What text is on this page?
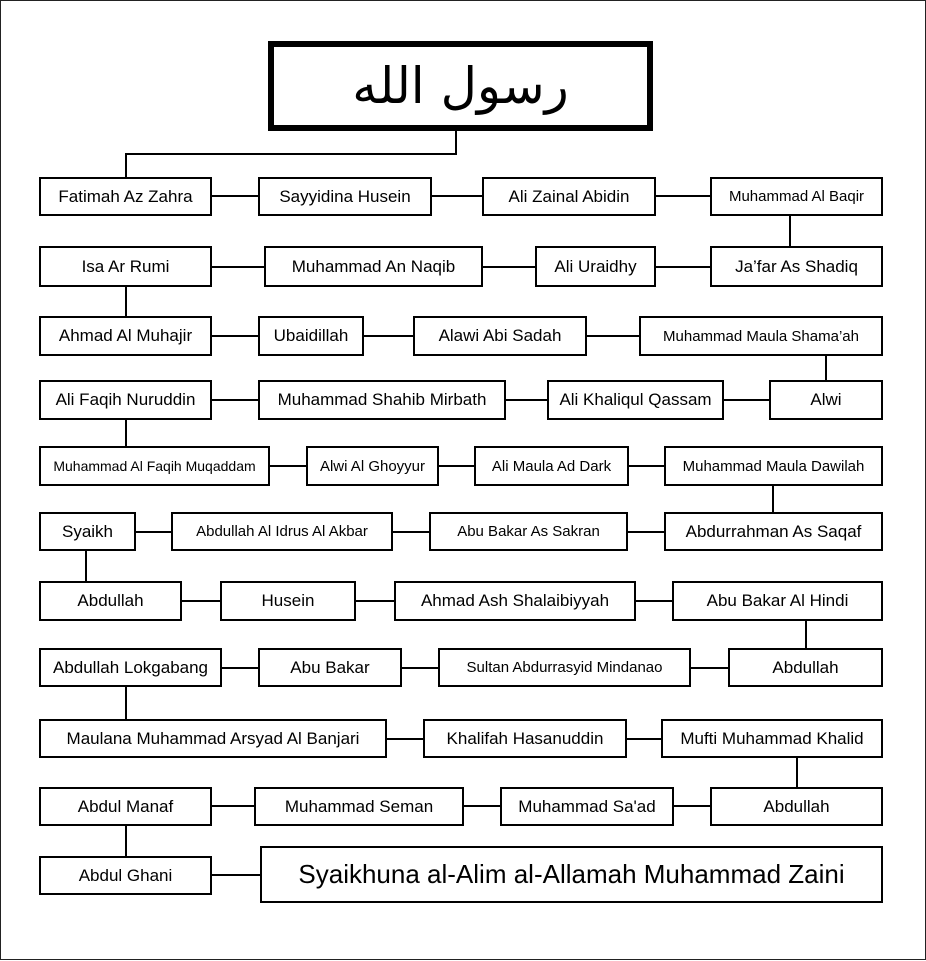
رسول الله
Fatimah Az Zahra	Sayyidina Husein	Ali Zainal Abidin	Muhammad Al Baqir
Isa Ar Rumi	Muhammad An Naqib	Ali Uraidhy	Ja’far As Shadiq
Ahmad Al Muhajir	Ubaidillah	Alawi Abi Sadah	Muhammad Maula Shama’ah
Ali Faqih Nuruddin	Muhammad Shahib Mirbath	Ali Khaliqul Qassam	Alwi
Muhammad Al Faqih Muqaddam	Alwi Al Ghoyyur	Ali Maula Ad Dark	Muhammad Maula Dawilah
Syaikh	Abdullah Al Idrus Al Akbar	Abu Bakar As Sakran	Abdurrahman As Saqaf
Abdullah	Husein	Ahmad Ash Shalaibiyyah	Abu Bakar Al Hindi
Abdullah Lokgabang	Abu Bakar	Sultan Abdurrasyid Mindanao	Abdullah
Maulana Muhammad Arsyad Al Banjari	Khalifah Hasanuddin	Mufti Muhammad Khalid
Abdul Manaf	Muhammad Seman	Muhammad Sa'ad	Abdullah
Abdul Ghani	Syaikhuna al-Alim al-Allamah Muhammad Zaini
